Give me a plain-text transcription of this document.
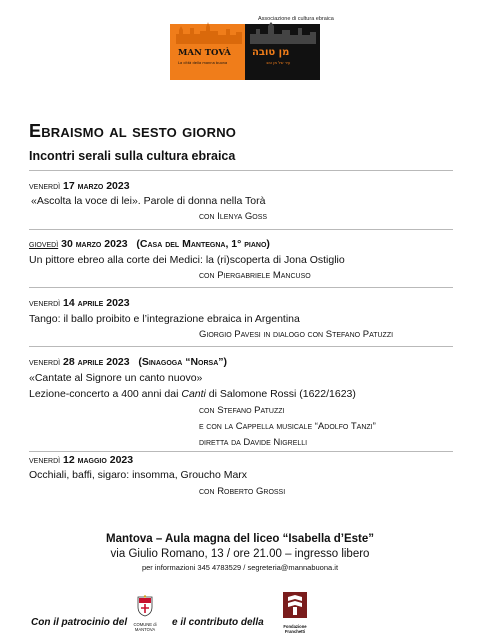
Associazione di cultura ebraica
MAN TOVÀ
La città della manna buona
מן טובה
עיר של מן טוב
Ebraismo al sesto giorno
Incontri serali sulla cultura ebraica
venerdì 17 marzo 2023
«Ascolta la voce di lei». Parole di donna nella Torà
con Ilenya Goss
giovedì 30 marzo 2023 (Casa del Mantegna, 1° piano)
Un pittore ebreo alla corte dei Medici: la (ri)scoperta di Jona Ostiglio
con Piergabriele Mancuso
venerdì 14 aprile 2023
Tango: il ballo proibito e l’integrazione ebraica in Argentina
Giorgio Pavesi in dialogo con Stefano Patuzzi
venerdì 28 aprile 2023 (Sinagoga “Norsa”)
«Cantate al Signore un canto nuovo»
Lezione-concerto a 400 anni dai Canti di Salomone Rossi (1622/1623)
con Stefano Patuzzi
e con la Cappella musicale “Adolfo Tanzi”
diretta da Davide Nigrelli
venerdì 12 maggio 2023
Occhiali, baffi, sigaro: insomma, Groucho Marx
con Roberto Grossi
Mantova – Aula magna del liceo “Isabella d’Este”
via Giulio Romano, 13 / ore 21.00 – ingresso libero
per informazioni 345 4783529 / segreteria@mannabuona.it
Con il patrocinio del	COMUNE di MANTOVA
e il contributo della	Fondazione Franchetti
